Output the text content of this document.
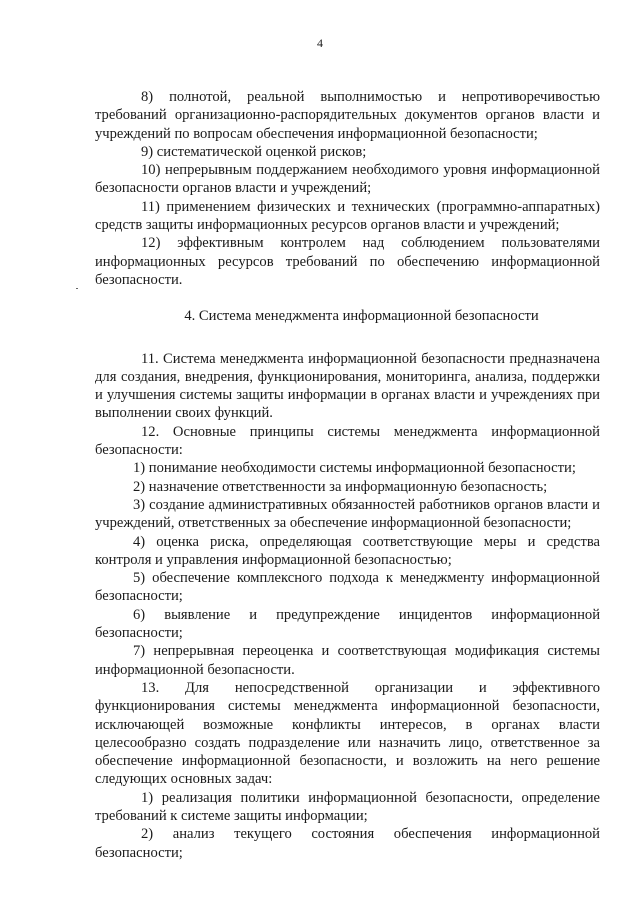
4

8) полнотой, реальной выполнимостью и непротиворечивостью требований организационно-распорядительных документов органов власти и учреждений по вопросам обеспечения информационной безопасности;

9) систематической оценкой рисков;

10) непрерывным поддержанием необходимого уровня информационной безопасности органов власти и учреждений;

11) применением физических и технических (программно-аппаратных) средств защиты информационных ресурсов органов власти и учреждений;

12) эффективным контролем над соблюдением пользователями информационных ресурсов требований по обеспечению информационной безопасности.

4. Система менеджмента информационной безопасности

11. Система менеджмента информационной безопасности предназначена для создания, внедрения, функционирования, мониторинга, анализа, поддержки и улучшения системы защиты информации в органах власти и учреждениях при выполнении своих функций.

12. Основные принципы системы менеджмента информационной безопасности:

1) понимание необходимости системы информационной безопасности;

2) назначение ответственности за информационную безопасность;

3) создание административных обязанностей работников органов власти и учреждений, ответственных за обеспечение информационной безопасности;

4) оценка риска, определяющая соответствующие меры и средства контроля и управления информационной безопасностью;

5) обеспечение комплексного подхода к менеджменту информационной безопасности;

6) выявление и предупреждение инцидентов информационной безопасности;

7) непрерывная переоценка и соответствующая модификация системы информационной безопасности.

13. Для непосредственной организации и эффективного функционирования системы менеджмента информационной безопасности, исключающей возможные конфликты интересов, в органах власти целесообразно создать подразделение или назначить лицо, ответственное за обеспечение информационной безопасности, и возложить на него решение следующих основных задач:

1) реализация политики информационной безопасности, определение требований к системе защиты информации;

2) анализ текущего состояния обеспечения информационной безопасности;
